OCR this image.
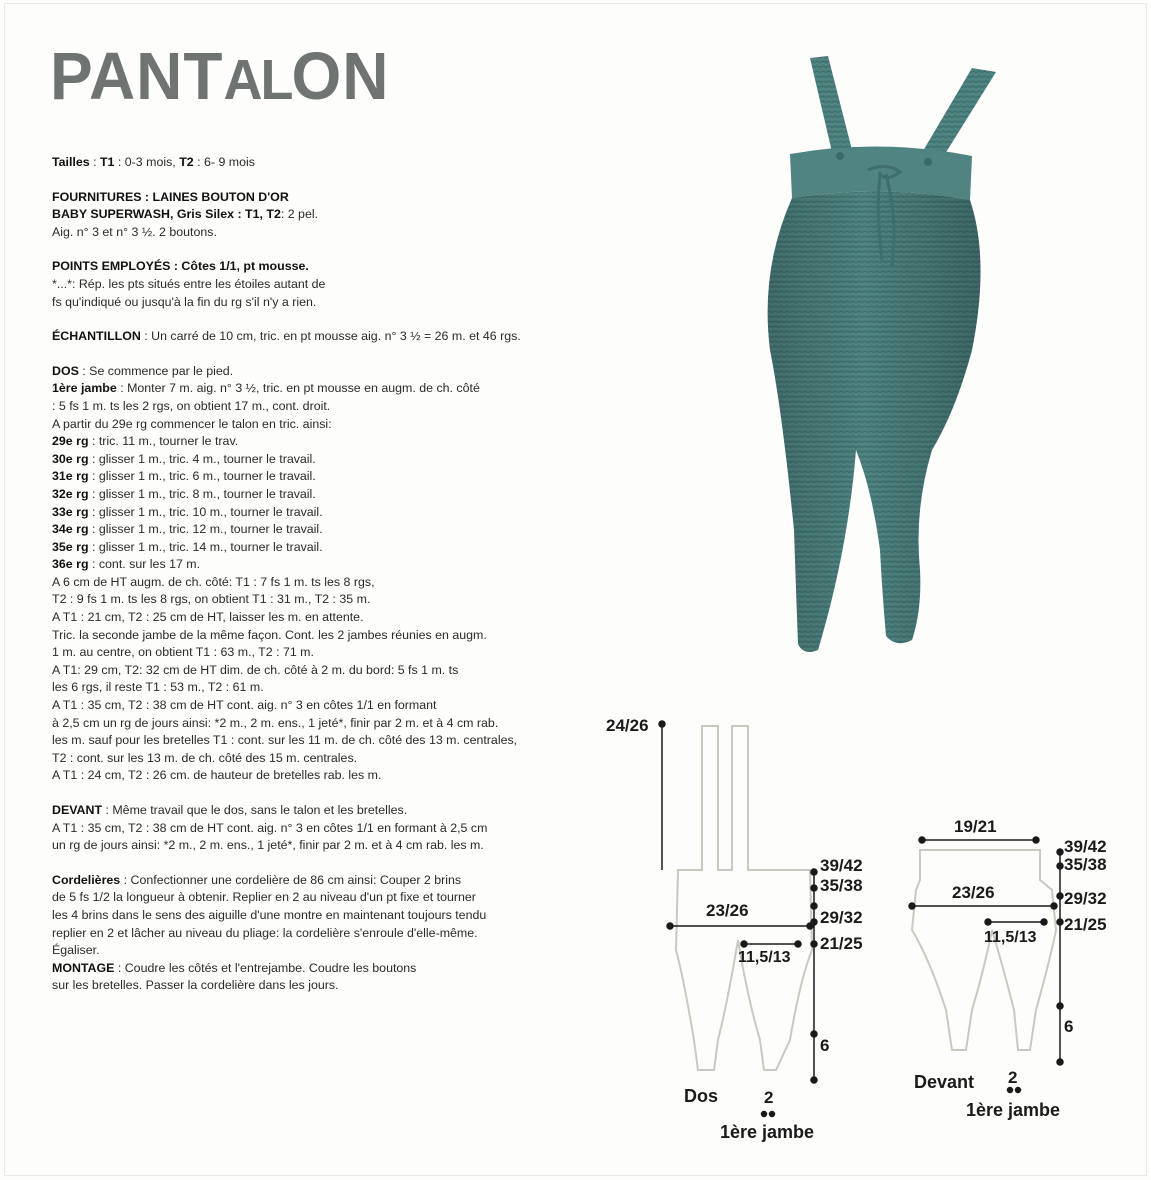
PANTALON

Tailles : T1 : 0-3 mois, T2 : 6- 9 mois

FOURNITURES : LAINES BOUTON D'OR
BABY SUPERWASH, Gris Silex : T1, T2: 2 pel.
Aig. n° 3 et n° 3 ½. 2 boutons.

POINTS EMPLOYÉS : Côtes 1/1, pt mousse.
*...*: Rép. les pts situés entre les étoiles autant de
fs qu'indiqué ou jusqu'à la fin du rg s'il n'y a rien.

ÉCHANTILLON : Un carré de 10 cm, tric. en pt mousse aig. n° 3 ½ = 26 m. et 46 rgs.

DOS : Se commence par le pied.
1ère jambe : Monter 7 m. aig. n° 3 ½, tric. en pt mousse en augm. de ch. côté
: 5 fs 1 m. ts les 2 rgs, on obtient 17 m., cont. droit.
A partir du 29e rg commencer le talon en tric. ainsi:
29e rg : tric. 11 m., tourner le trav.
30e rg : glisser 1 m., tric. 4 m., tourner le travail.
31e rg : glisser 1 m., tric. 6 m., tourner le travail.
32e rg : glisser 1 m., tric. 8 m., tourner le travail.
33e rg : glisser 1 m., tric. 10 m., tourner le travail.
34e rg : glisser 1 m., tric. 12 m., tourner le travail.
35e rg : glisser 1 m., tric. 14 m., tourner le travail.
36e rg : cont. sur les 17 m.
A 6 cm de HT augm. de ch. côté: T1 : 7 fs 1 m. ts les 8 rgs,
T2 : 9 fs 1 m. ts les 8 rgs, on obtient T1 : 31 m., T2 : 35 m.
A T1 : 21 cm, T2 : 25 cm de HT, laisser les m. en attente.
Tric. la seconde jambe de la même façon. Cont. les 2 jambes réunies en augm.
1 m. au centre, on obtient T1 : 63 m., T2 : 71 m.
A T1: 29 cm, T2: 32 cm de HT dim. de ch. côté à 2 m. du bord: 5 fs 1 m. ts
les 6 rgs, il reste T1 : 53 m., T2 : 61 m.
A T1 : 35 cm, T2 : 38 cm de HT cont. aig. n° 3 en côtes 1/1 en formant
à 2,5 cm un rg de jours ainsi: *2 m., 2 m. ens., 1 jeté*, finir par 2 m. et à 4 cm rab.
les m. sauf pour les bretelles T1 : cont. sur les 11 m. de ch. côté des 13 m. centrales,
T2 : cont. sur les 13 m. de ch. côté des 15 m. centrales.
A T1 : 24 cm, T2 : 26 cm. de hauteur de bretelles rab. les m.

DEVANT : Même travail que le dos, sans le talon et les bretelles.
A T1 : 35 cm, T2 : 38 cm de HT cont. aig. n° 3 en côtes 1/1 en formant à 2,5 cm
un rg de jours ainsi: *2 m., 2 m. ens., 1 jeté*, finir par 2 m. et à 4 cm rab. les m.

Cordelières : Confectionner une cordelière de 86 cm ainsi: Couper 2 brins
de 5 fs 1/2 la longueur à obtenir. Replier en 2 au niveau d'un pt fixe et tourner
les 4 brins dans le sens des aiguille d'une montre en maintenant toujours tendu
replier en 2 et lâcher au niveau du pliage: la cordelière s'enroule d'elle-même.
Égaliser.
MONTAGE : Coudre les côtés et l'entrejambe. Coudre les boutons
sur les bretelles. Passer la cordelière dans les jours.

24/26
23/26
11,5/13
39/42
35/38
29/32
21/25
6
Dos	2
1ère jambe
19/21
23/26
11,5/13
39/42
35/38
29/32
21/25
6
Devant 2
1ère jambe
